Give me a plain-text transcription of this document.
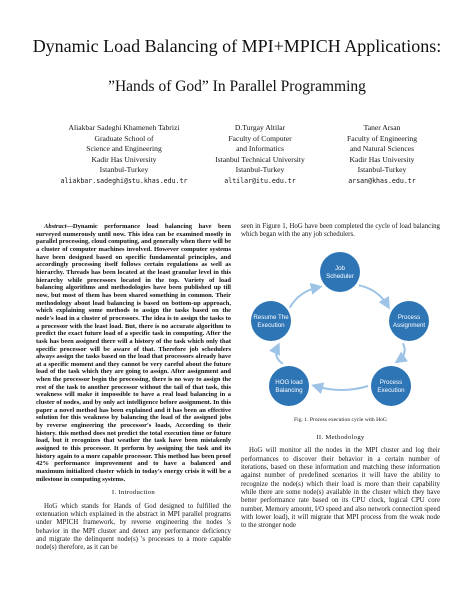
Dynamic Load Balancing of MPI+MPICH Applications:
”Hands of God” In Parallel Programming
Aliakbar Sadeghi Khameneh Tabrizi
Graduate School of
Science and Engineering
Kadir Has University
Istanbul-Turkey
aliakbar.sadeghi@stu.khas.edu.tr
D.Turgay Altilar
Faculty of Computer
and Informatics
Istanbul Technical University
Istanbul-Turkey
altilar@itu.edu.tr
Taner Arsan
Faculty of Engineering
and Natural Sciences
Kadir Has University
Istanbul-Turkey
arsan@khas.edu.tr

Abstract—Dynamic performance load balancing have been surveyed numerously until now. This idea can be examined mostly in parallel processing, cloud computing, and generally when there will be a cluster of computer machines involved. However computer systems have been designed based on specific fundamental principles, and accordingly processing itself follows certain regulations as well as hierarchy. Threads has been located at the least granular level in this hierarchy while processors located in the top. Variety of load balancing algorithms and methodologies have been published up till now, but most of them has been shared something in common. Their methodology about load balancing is based on bottom-up approach, which explaining some methods to assign the tasks based on the node's load in a cluster of processors. The idea is to assign the tasks to a processor with the least load. But, there is no accurate algorithm to predict the exact future load of a specific task in computing. After the task has been assigned there will a history of the task which only that specific processor will be aware of that. Therefore job schedulers always assign the tasks based on the load that processors already have at a specific moment and they cannot be very careful about the future load of the task which they are going to assign. After assignment and when the processor begin the processing, there is no way to assign the rest of the task to another processor without the tail of that task, this weakness will make it impossible to have a real load balancing in a cluster of nodes, and by only act intelligence before assignment. In this paper a novel method has been explained and it has been an effective solution for this weakness by balancing the load of the assigned jobs by reverse engineering the processor's loads, According to their history. this method does not predict the total execution time or future load, but it recognizes that weather the task have been mistakenly assigned to this processor. It perform by assigning the task and its history again to a more capable processor. This method has been proof 42% performance improvement and to have a balanced and maximum initialized cluster which in today's energy crisis it will be a milestone in computing systems.

I. Introduction

HoG which stands for Hands of God designed to fulfilled the extenuation which explained in the abstract in MPI parallel programs under MPICH framework, by reverse engineering the nodes 's behavior in the MPI cluster and detect any performance deficiency and migrate the delinquent node(s) 's processes to a more capable node(s) therefore, as it can be

seen in Figure 1, HoG have been completed the cycle of load balancing which began with the any job schedulers.

Job
Scheduler
Process
Assignment
Process
Execution
HOG load
Balancing
Resume The
Execution
Fig. 1. Process execution cycle with HoG
II. Methodology

HoG will monitor all the nodes in the MPI cluster and log their performances to discover their behavior in a certain number of iterations, based on these information and matching these information against number of predefined scenarios it will have the ability to recognize the node(s) which their load is more than their capability while there are some node(s) available in the cluster which they have better performance rate based on its CPU clock, logical CPU core number, Memory amount, I/O speed and also network connection speed with lower load), it will migrate that MPI process from the weak node to the stronger node
